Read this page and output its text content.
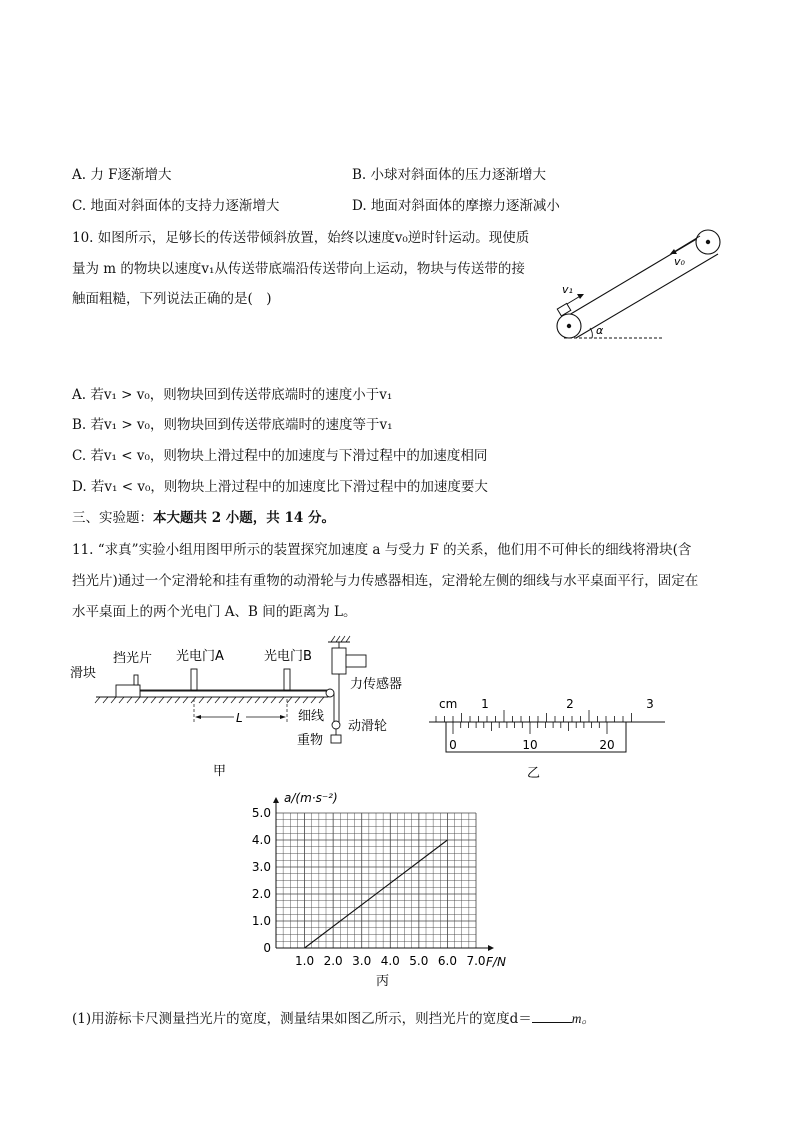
A. 力 F逐渐增大	B. 小球对斜面体的压力逐渐增大
C. 地面对斜面体的支持力逐渐增大	D. 地面对斜面体的摩擦力逐渐减小
10. 如图所示，足够长的传送带倾斜放置，始终以速度v₀逆时针运动。现使质
量为 m 的物块以速度v₁从传送带底端沿传送带向上运动，物块与传送带的接
触面粗糙，下列说法正确的是(　)
v₁
v₀
α
A. 若v₁ > v₀，则物块回到传送带底端时的速度小于v₁
B. 若v₁ > v₀，则物块回到传送带底端时的速度等于v₁
C. 若v₁ < v₀，则物块上滑过程中的加速度与下滑过程中的加速度相同
D. 若v₁ < v₀，则物块上滑过程中的加速度比下滑过程中的加速度要大
三、实验题：本大题共 2 小题，共 14 分。
11. “求真”实验小组用图甲所示的装置探究加速度 a 与受力 F 的关系，他们用不可伸长的细线将滑块(含
挡光片)通过一个定滑轮和挂有重物的动滑轮与力传感器相连，定滑轮左侧的细线与水平桌面平行，固定在
水平桌面上的两个光电门 A、B 间的距离为 L。
L
滑块
挡光片 光电门A	光电门B
力传感器
细线
动滑轮
重物
甲
cm 1	2	3
0	10	20
乙
1.0 2.0 3.0 4.0 5.0 6.0 7.0
0
1.0
2.0
3.0
4.0
5.0
a/(m·s⁻²)
F/N
丙
(1)用游标卡尺测量挡光片的宽度，测量结果如图乙所示，则挡光片的宽度d＝	m。
